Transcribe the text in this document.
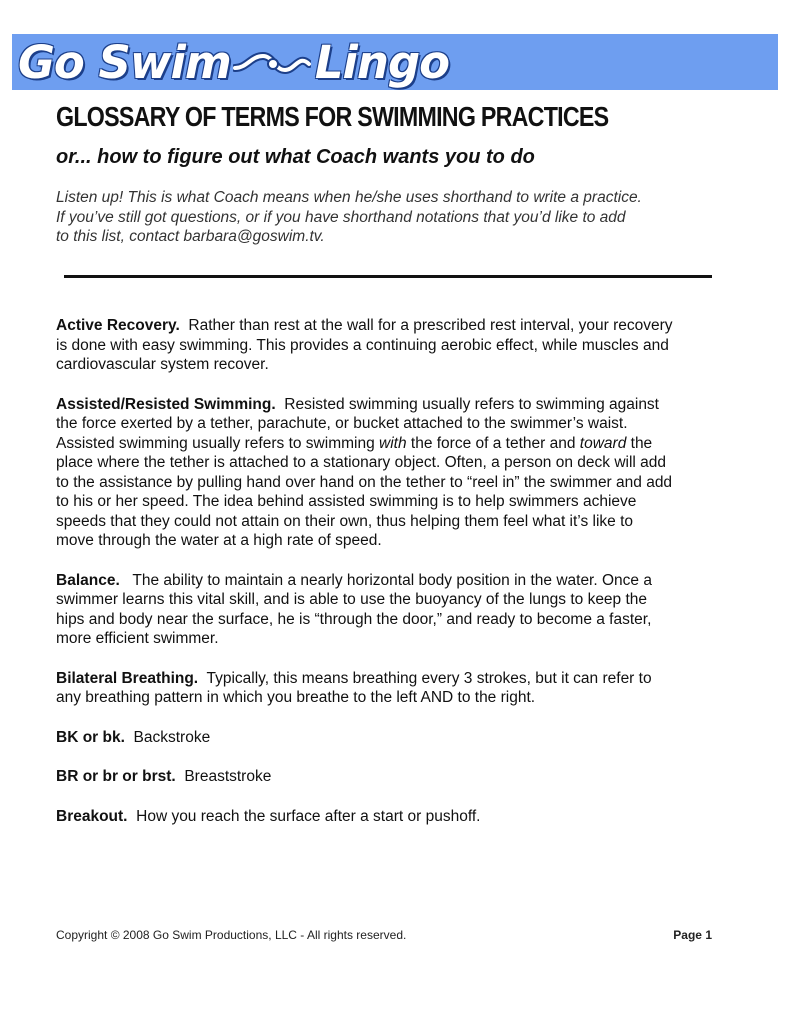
Go Swim Lingo
GLOSSARY OF TERMS FOR SWIMMING PRACTICES
or... how to figure out what Coach wants you to do
Listen up! This is what Coach means when he/she uses shorthand to write a practice.
If you’ve still got questions, or if you have shorthand notations that you’d like to add
to this list, contact barbara@goswim.tv.
Active Recovery. Rather than rest at the wall for a prescribed rest interval, your recovery
is done with easy swimming. This provides a continuing aerobic effect, while muscles and
cardiovascular system recover.
Assisted/Resisted Swimming. Resisted swimming usually refers to swimming against
the force exerted by a tether, parachute, or bucket attached to the swimmer’s waist.
Assisted swimming usually refers to swimming with the force of a tether and toward the
place where the tether is attached to a stationary object. Often, a person on deck will add
to the assistance by pulling hand over hand on the tether to “reel in” the swimmer and add
to his or her speed. The idea behind assisted swimming is to help swimmers achieve
speeds that they could not attain on their own, thus helping them feel what it’s like to
move through the water at a high rate of speed.
Balance. The ability to maintain a nearly horizontal body position in the water. Once a
swimmer learns this vital skill, and is able to use the buoyancy of the lungs to keep the
hips and body near the surface, he is “through the door,” and ready to become a faster,
more efficient swimmer.
Bilateral Breathing. Typically, this means breathing every 3 strokes, but it can refer to
any breathing pattern in which you breathe to the left AND to the right.
BK or bk. Backstroke
BR or br or brst. Breaststroke
Breakout. How you reach the surface after a start or pushoff.
Copyright © 2008 Go Swim Productions, LLC - All rights reserved.	Page 1
